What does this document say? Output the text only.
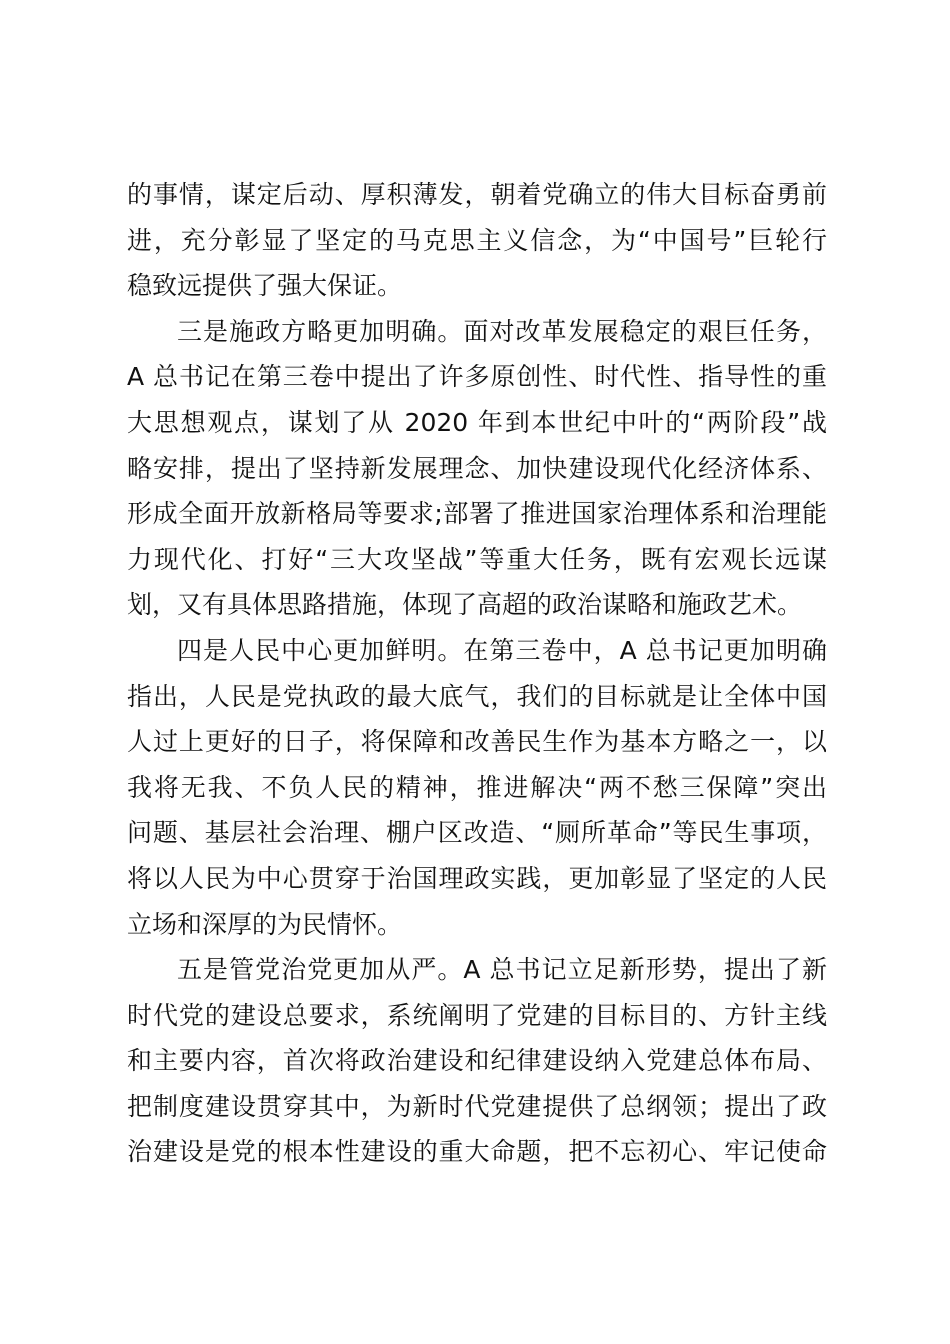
的事情，谋定后动、厚积薄发，朝着党确立的伟大目标奋勇前
进，充分彰显了坚定的马克思主义信念，为“中国号”巨轮行
稳致远提供了强大保证。
三是施政方略更加明确。面对改革发展稳定的艰巨任务，
A 总书记在第三卷中提出了许多原创性、时代性、指导性的重
大思想观点，谋划了从 2020 年到本世纪中叶的“两阶段”战
略安排，提出了坚持新发展理念、加快建设现代化经济体系、
形成全面开放新格局等要求;部署了推进国家治理体系和治理能
力现代化、打好“三大攻坚战”等重大任务，既有宏观长远谋
划，又有具体思路措施，体现了高超的政治谋略和施政艺术。
四是人民中心更加鲜明。在第三卷中，A 总书记更加明确
指出，人民是党执政的最大底气，我们的目标就是让全体中国
人过上更好的日子，将保障和改善民生作为基本方略之一，以
我将无我、不负人民的精神，推进解决“两不愁三保障”突出
问题、基层社会治理、棚户区改造、“厕所革命”等民生事项，
将以人民为中心贯穿于治国理政实践，更加彰显了坚定的人民
立场和深厚的为民情怀。
五是管党治党更加从严。A 总书记立足新形势，提出了新
时代党的建设总要求，系统阐明了党建的目标目的、方针主线
和主要内容，首次将政治建设和纪律建设纳入党建总体布局、
把制度建设贯穿其中，为新时代党建提供了总纲领；提出了政
治建设是党的根本性建设的重大命题，把不忘初心、牢记使命
